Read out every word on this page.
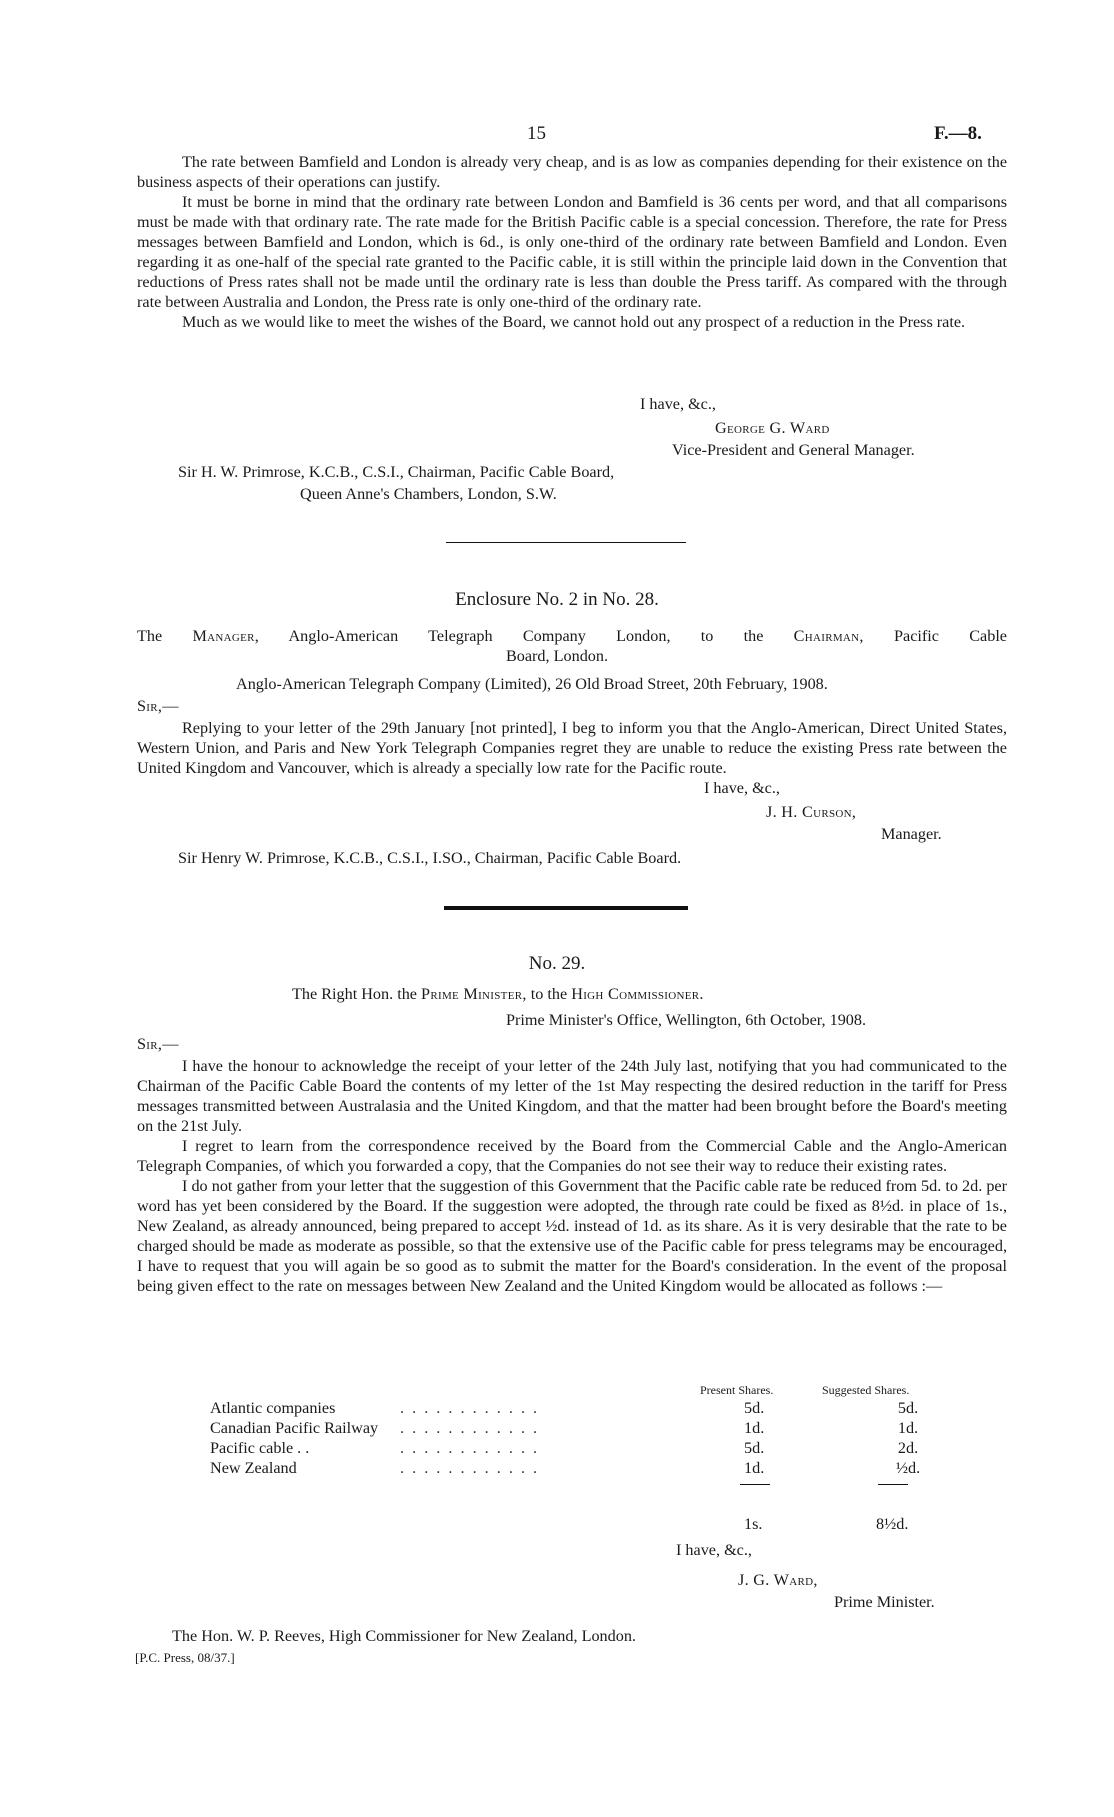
15	F.—8.

The rate between Bamfield and London is already very cheap, and is as low as companies depending for their existence on the business aspects of their operations can justify.

It must be borne in mind that the ordinary rate between London and Bamfield is 36 cents per word, and that all comparisons must be made with that ordinary rate. The rate made for the British Pacific cable is a special concession. Therefore, the rate for Press messages between Bamfield and London, which is 6d., is only one-third of the ordinary rate between Bamfield and London. Even regarding it as one-half of the special rate granted to the Pacific cable, it is still within the principle laid down in the Convention that reductions of Press rates shall not be made until the ordinary rate is less than double the Press tariff. As compared with the through rate between Australia and London, the Press rate is only one-third of the ordinary rate.

Much as we would like to meet the wishes of the Board, we cannot hold out any prospect of a reduction in the Press rate.

I have, &c.,
George G. Ward
Vice-President and General Manager.
Sir H. W. Primrose, K.C.B., C.S.I., Chairman, Pacific Cable Board,
Queen Anne's Chambers, London, S.W.
Enclosure No. 2 in No. 28.
The Manager, Anglo-American Telegraph Company London, to the Chairman, Pacific Cable
Board, London.
Anglo-American Telegraph Company (Limited), 26 Old Broad Street, 20th February, 1908.
Sir,—

Replying to your letter of the 29th January [not printed], I beg to inform you that the Anglo-American, Direct United States, Western Union, and Paris and New York Telegraph Companies regret they are unable to reduce the existing Press rate between the United Kingdom and Vancouver, which is already a specially low rate for the Pacific route.

I have, &c.,
J. H. Curson,
Manager.
Sir Henry W. Primrose, K.C.B., C.S.I., I.SO., Chairman, Pacific Cable Board.
No. 29.
The Right Hon. the Prime Minister, to the High Commissioner.
Prime Minister's Office, Wellington, 6th October, 1908.
Sir,—

I have the honour to acknowledge the receipt of your letter of the 24th July last, notifying that you had communicated to the Chairman of the Pacific Cable Board the contents of my letter of the 1st May respecting the desired reduction in the tariff for Press messages transmitted between Australasia and the United Kingdom, and that the matter had been brought before the Board's meeting on the 21st July.

I regret to learn from the correspondence received by the Board from the Commercial Cable and the Anglo-American Telegraph Companies, of which you forwarded a copy, that the Companies do not see their way to reduce their existing rates.

I do not gather from your letter that the suggestion of this Government that the Pacific cable rate be reduced from 5d. to 2d. per word has yet been considered by the Board. If the suggestion were adopted, the through rate could be fixed as 8½d. in place of 1s., New Zealand, as already announced, being prepared to accept ½d. instead of 1d. as its share. As it is very desirable that the rate to be charged should be made as moderate as possible, so that the extensive use of the Pacific cable for press telegrams may be encouraged, I have to request that you will again be so good as to submit the matter for the Board's consideration. In the event of the proposal being given effect to the rate on messages between New Zealand and the United Kingdom would be allocated as follows :—

Present Shares.	Suggested Shares.
Atlantic companies	. . . . . . . . . . . .	5d.	5d.
Canadian Pacific Railway . . . . . . . . . . . .	1d.	1d.
Pacific cable . .	. . . . . . . . . . . .	5d.	2d.
New Zealand	. . . . . . . . . . . .	1d.	½d.
1s.	8½d.
I have, &c.,
J. G. Ward,
Prime Minister.
The Hon. W. P. Reeves, High Commissioner for New Zealand, London.
[P.C. Press, 08/37.]
